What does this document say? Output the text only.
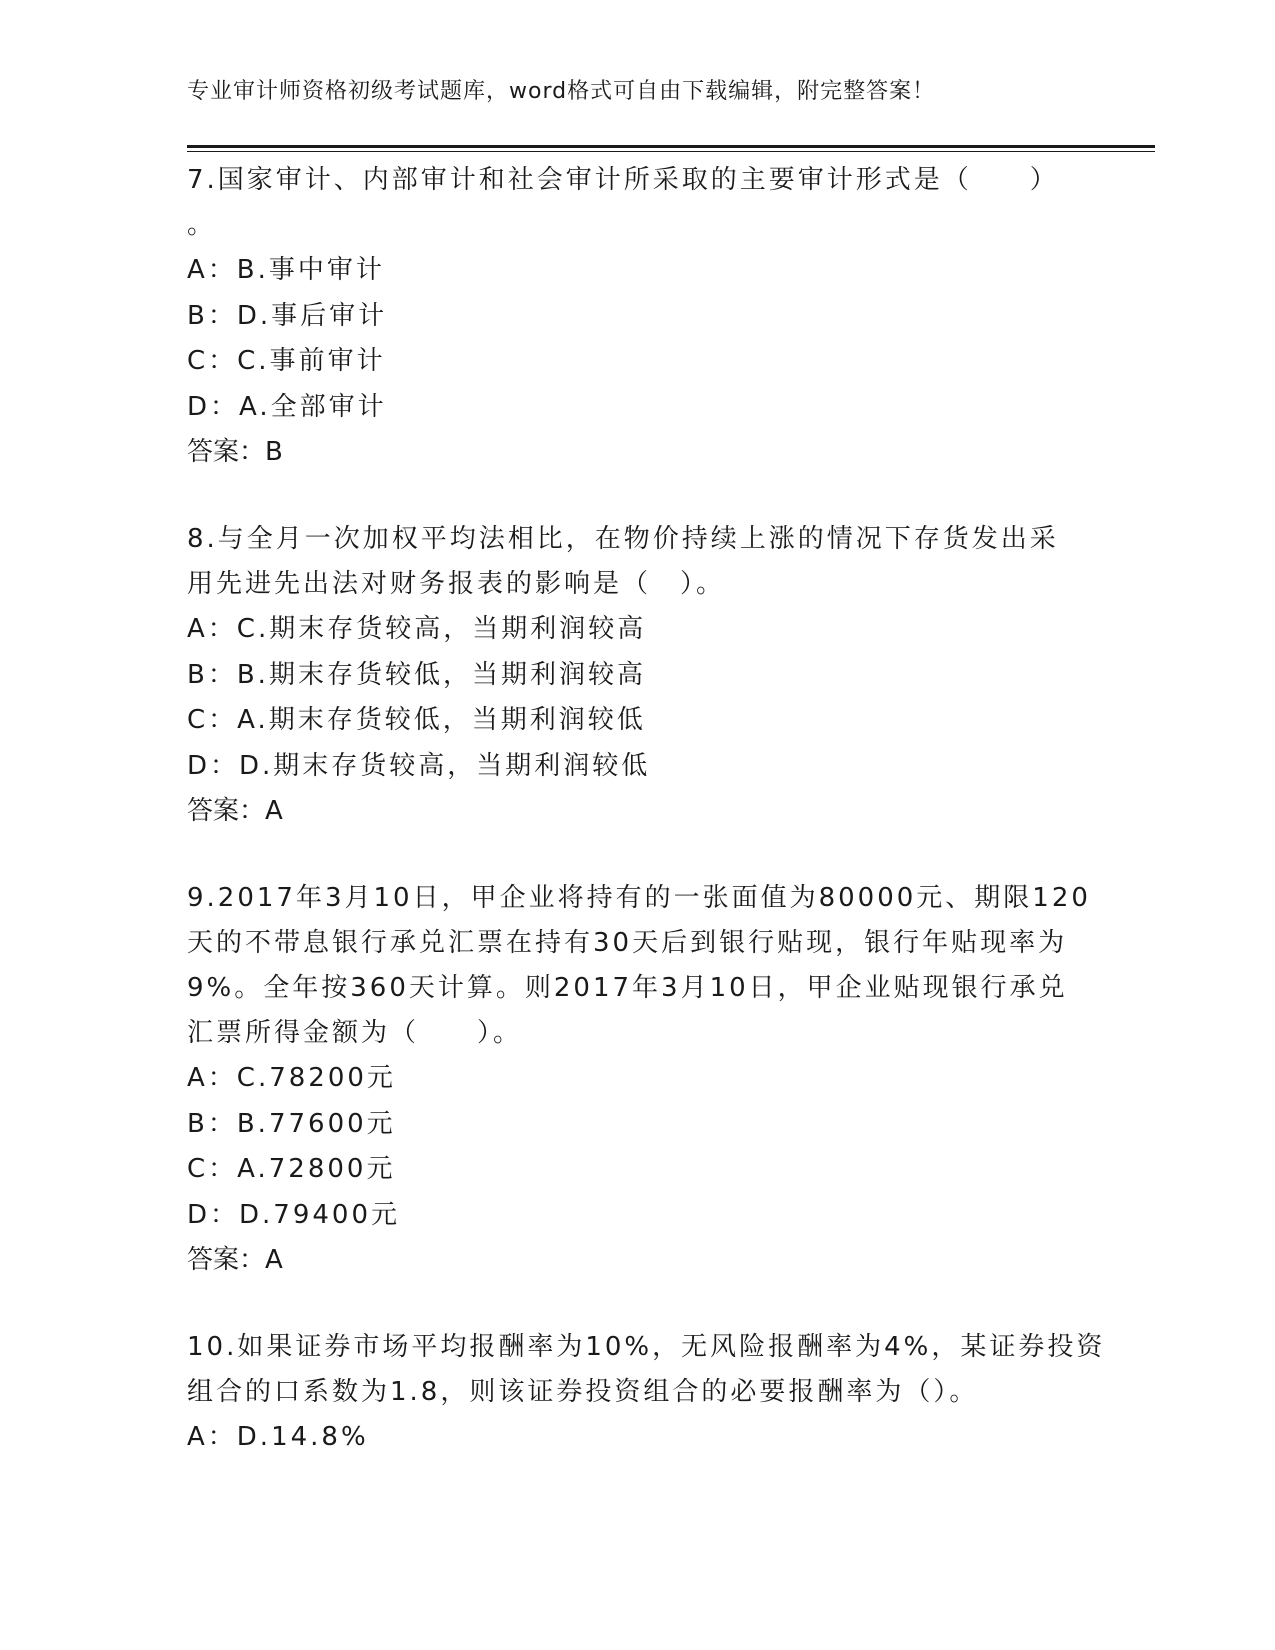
专业审计师资格初级考试题库，word格式可自由下载编辑，附完整答案！
7.国家审计、内部审计和社会审计所采取的主要审计形式是（　　）
。
A：B.事中审计
B：D.事后审计
C：C.事前审计
D：A.全部审计
答案：B
8.与全月一次加权平均法相比，在物价持续上涨的情况下存货发出采
用先进先出法对财务报表的影响是（　）。
A：C.期末存货较高，当期利润较高
B：B.期末存货较低，当期利润较高
C：A.期末存货较低，当期利润较低
D：D.期末存货较高，当期利润较低
答案：A
9.2017年3月10日，甲企业将持有的一张面值为80000元、期限120
天的不带息银行承兑汇票在持有30天后到银行贴现，银行年贴现率为
9%。全年按360天计算。则2017年3月10日，甲企业贴现银行承兑
汇票所得金额为（　　）。
A：C.78200元
B：B.77600元
C：A.72800元
D：D.79400元
答案：A
10.如果证券市场平均报酬率为10%，无风险报酬率为4%，某证券投资
组合的口系数为1.8，则该证券投资组合的必要报酬率为（）。
A：D.14.8%
